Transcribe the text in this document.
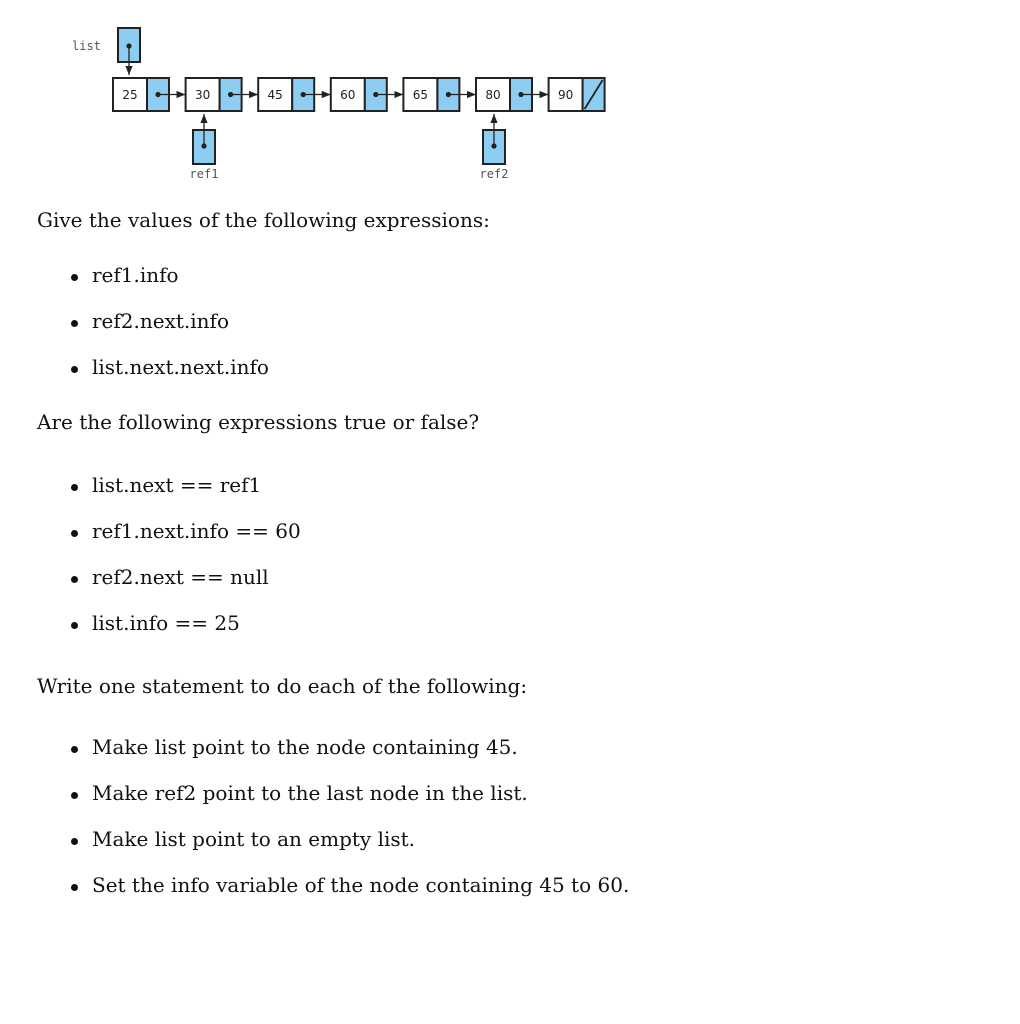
list
25	30	45	60	65	80	90
ref1	ref2

Give the values of the following expressions:

ref1.info
ref2.next.info
list.next.next.info

Are the following expressions true or false?

list.next == ref1
ref1.next.info == 60
ref2.next == null
list.info == 25

Write one statement to do each of the following:

Make list point to the node containing 45.
Make ref2 point to the last node in the list.
Make list point to an empty list.
Set the info variable of the node containing 45 to 60.
